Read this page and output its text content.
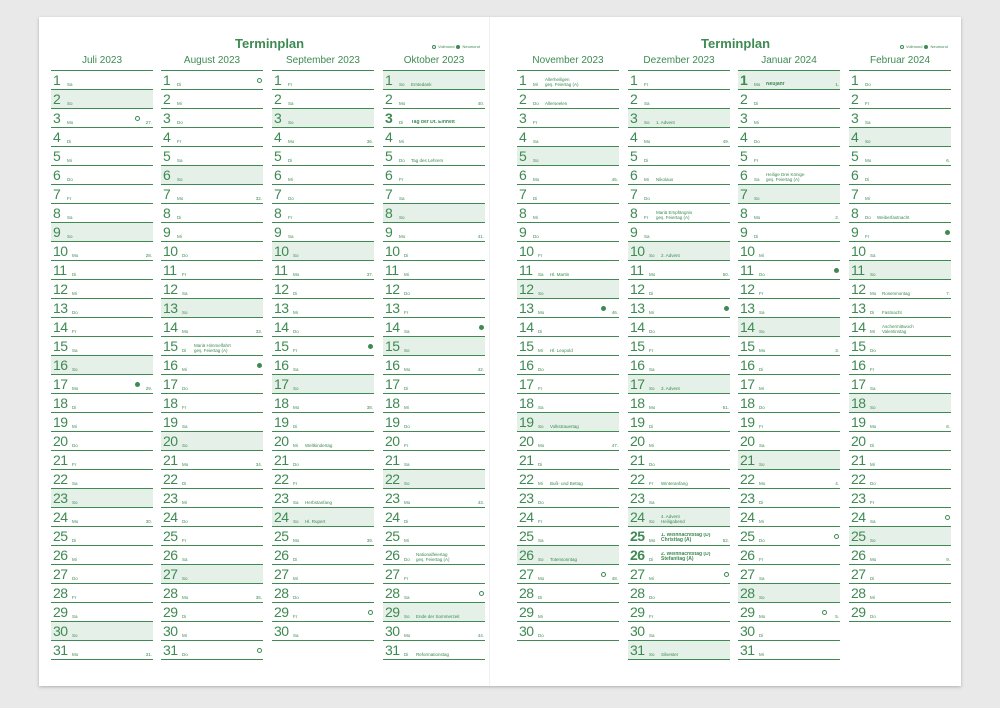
Terminplan	Vollmond Neumond	Terminplan	Vollmond Neumond
Juli 2023
1 Sa
2 So
3 Mo	27.
4 Di
5 Mi
6 Do
7 Fr
8 Sa
9 So
10 Mo	28.
11 Di
12 Mi
13 Do
14 Fr
15 Sa
16 So
17 Mo	29.
18 Di
19 Mi
20 Do
21 Fr
22 Sa
23 So
24 Mo	30.
25 Di
26 Mi
27 Do
28 Fr
29 Sa
30 So
31 Mo	31.
August 2023
1 Di
2 Mi
3 Do
4 Fr
5 Sa
6 So
7 Mo	32.
8 Di
9 Mi
10 Do
11 Fr
12 Sa
13 So
14 Mo	33.
15 Di
Mariä Himmelfahrt
geş. Feiertag (A)
16 Mi
17 Do
18 Fr
19 Sa
20 So
21 Mo	34.
22 Di
23 Mi
24 Do
25 Fr
26 Sa
27 So
28 Mo	35.
29 Di
30 Mi
31 Do
September 2023
1 Fr
2 Sa
3 So
4 Mo	36.
5 Di
6 Mi
7 Do
8 Fr
9 Sa
10 So
11 Mo	37.
12 Di
13 Mi
14 Do
15 Fr
16 Sa
17 So
18 Mo	38.
19 Di
20 Mi Weltkindertag
21 Do
22 Fr
23 Sa Herbstanfang
24 So Hl. Rupert
25 Mo	39.
26 Di
27 Mi
28 Do
29 Fr
30 Sa
Oktober 2023
1 So Erntedank
2 Mo	40.
3 Di Tag der Dt. Einheit
4 Mi
5 Do Tag des Lehrers
6 Fr
7 Sa
8 So
9 Mo	41.
10 Di
11 Mi
12 Do
13 Fr
14 Sa
15 So
16 Mo	42.
17 Di
18 Mi
19 Do
20 Fr
21 Sa
22 So
23 Mo	43.
24 Di
25 Mi
26 Do
Nationalfeiertag
geş. Feiertag (A)
27 Fr
28 Sa
29 So Ende der Sommerzeit
30 Mo	44.
31 Di Reformationstag
November 2023
1 Mi
Allerheiligen
geş. Feiertag (A)
2 Do Allerseelen
3 Fr
4 Sa
5 So
6 Mo	45.
7 Di
8 Mi
9 Do
10 Fr
11 Sa Hl. Martin
12 So
13 Mo	46.
14 Di
15 Mi Hl. Leopold
16 Do
17 Fr
18 Sa
19 So Volkstrauertag
20 Mo	47.
21 Di
22 Mi Buß- und Bettag
23 Do
24 Fr
25 Sa
26 So Totensonntag
27 Mo	48.
28 Di
29 Mi
30 Do
Dezember 2023
1 Fr
2 Sa
3 So 1. Advent
4 Mo	49.
5 Di
6 Mi Nikolaus
7 Do
8 Fr
Mariä Empfängnis
geş. Feiertag (A)
9 Sa
10 So 2. Advent
11 Mo	50.
12 Di
13 Mi
14 Do
15 Fr
16 Sa
17 So 3. Advent
18 Mo	51.
19 Di
20 Mi
21 Do
22 Fr Winteranfang
23 Sa
24 So
4. Advent
Heiligabend
25 Mo
1. Weihnachtstag (D)
Christtag (A)	52.
26 Di
2. Weihnachtstag (D)
Stefanitag (A)
27 Mi
28 Do
29 Fr
30 Sa
31 So Silvester
Januar 2024
1 Mo Neujahr	1.
2 Di
3 Mi
4 Do
5 Fr
6 Sa
Heilige Drei Könige
geş. Feiertag (A)
7 So
8 Mo	2.
9 Di
10 Mi
11 Do
12 Fr
13 Sa
14 So
15 Mo	3.
16 Di
17 Mi
18 Do
19 Fr
20 Sa
21 So
22 Mo	4.
23 Di
24 Mi
25 Do
26 Fr
27 Sa
28 So
29 Mo	5.
30 Di
31 Mi
Februar 2024
1 Do
2 Fr
3 Sa
4 So
5 Mo	6.
6 Di
7 Mi
8 Do Weiberfastnacht
9 Fr
10 Sa
11 So
12 Mo Rosenmontag	7.
13 Di Fastnacht
14 Mi
Aschermittwoch
Valentinstag
15 Do
16 Fr
17 Sa
18 So
19 Mo	8.
20 Di
21 Mi
22 Do
23 Fr
24 Sa
25 So
26 Mo	9.
27 Di
28 Mi
29 Do
